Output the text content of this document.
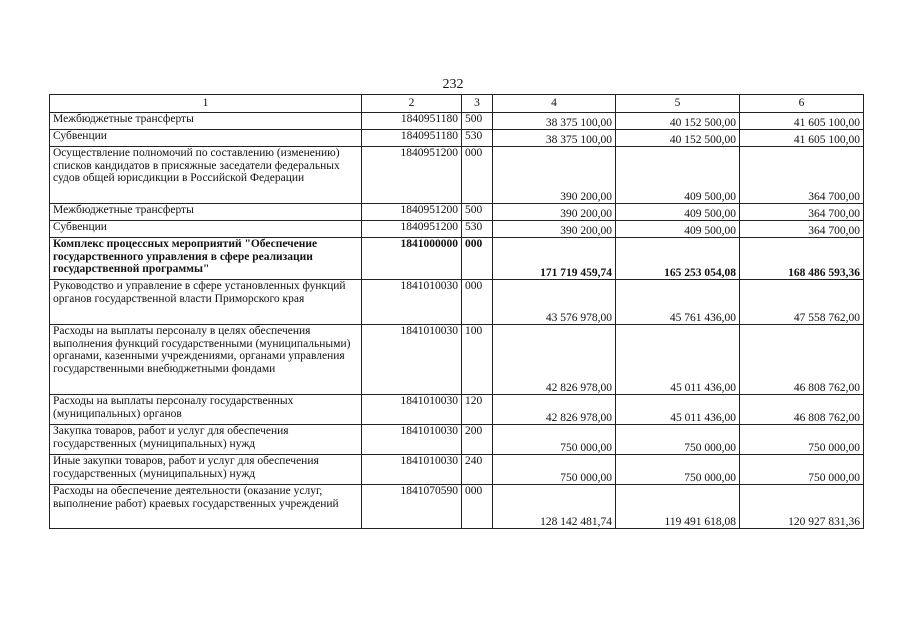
232
1	2	3	4	5	6
Межбюджетные трансферты	1840951180	500	38 375 100,00	40 152 500,00	41 605 100,00
Субвенции	1840951180	530	38 375 100,00	40 152 500,00	41 605 100,00
Осуществление полномочий по составлению (изменению) списков кандидатов в присяжные заседатели федеральных судов общей юрисдикции в Российской Федерации	1840951200	000	390 200,00	409 500,00	364 700,00
Межбюджетные трансферты	1840951200	500	390 200,00	409 500,00	364 700,00
Субвенции	1840951200	530	390 200,00	409 500,00	364 700,00
Комплекс процессных мероприятий "Обеспечение государственного управления в сфере реализации государственной программы"	1841000000	000	171 719 459,74	165 253 054,08	168 486 593,36
Руководство и управление в сфере установленных функций органов государственной власти Приморского края	1841010030	000	43 576 978,00	45 761 436,00	47 558 762,00
Расходы на выплаты персоналу в целях обеспечения выполнения функций государственными (муниципальными) органами, казенными учреждениями, органами управления государственными внебюджетными фондами	1841010030	100	42 826 978,00	45 011 436,00	46 808 762,00
Расходы на выплаты персоналу государственных (муниципальных) органов	1841010030	120	42 826 978,00	45 011 436,00	46 808 762,00
Закупка товаров, работ и услуг для обеспечения государственных (муниципальных) нужд	1841010030	200	750 000,00	750 000,00	750 000,00
Иные закупки товаров, работ и услуг для обеспечения государственных (муниципальных) нужд	1841010030	240	750 000,00	750 000,00	750 000,00
Расходы на обеспечение деятельности (оказание услуг, выполнение работ) краевых государственных учреждений	1841070590	000	128 142 481,74	119 491 618,08	120 927 831,36
